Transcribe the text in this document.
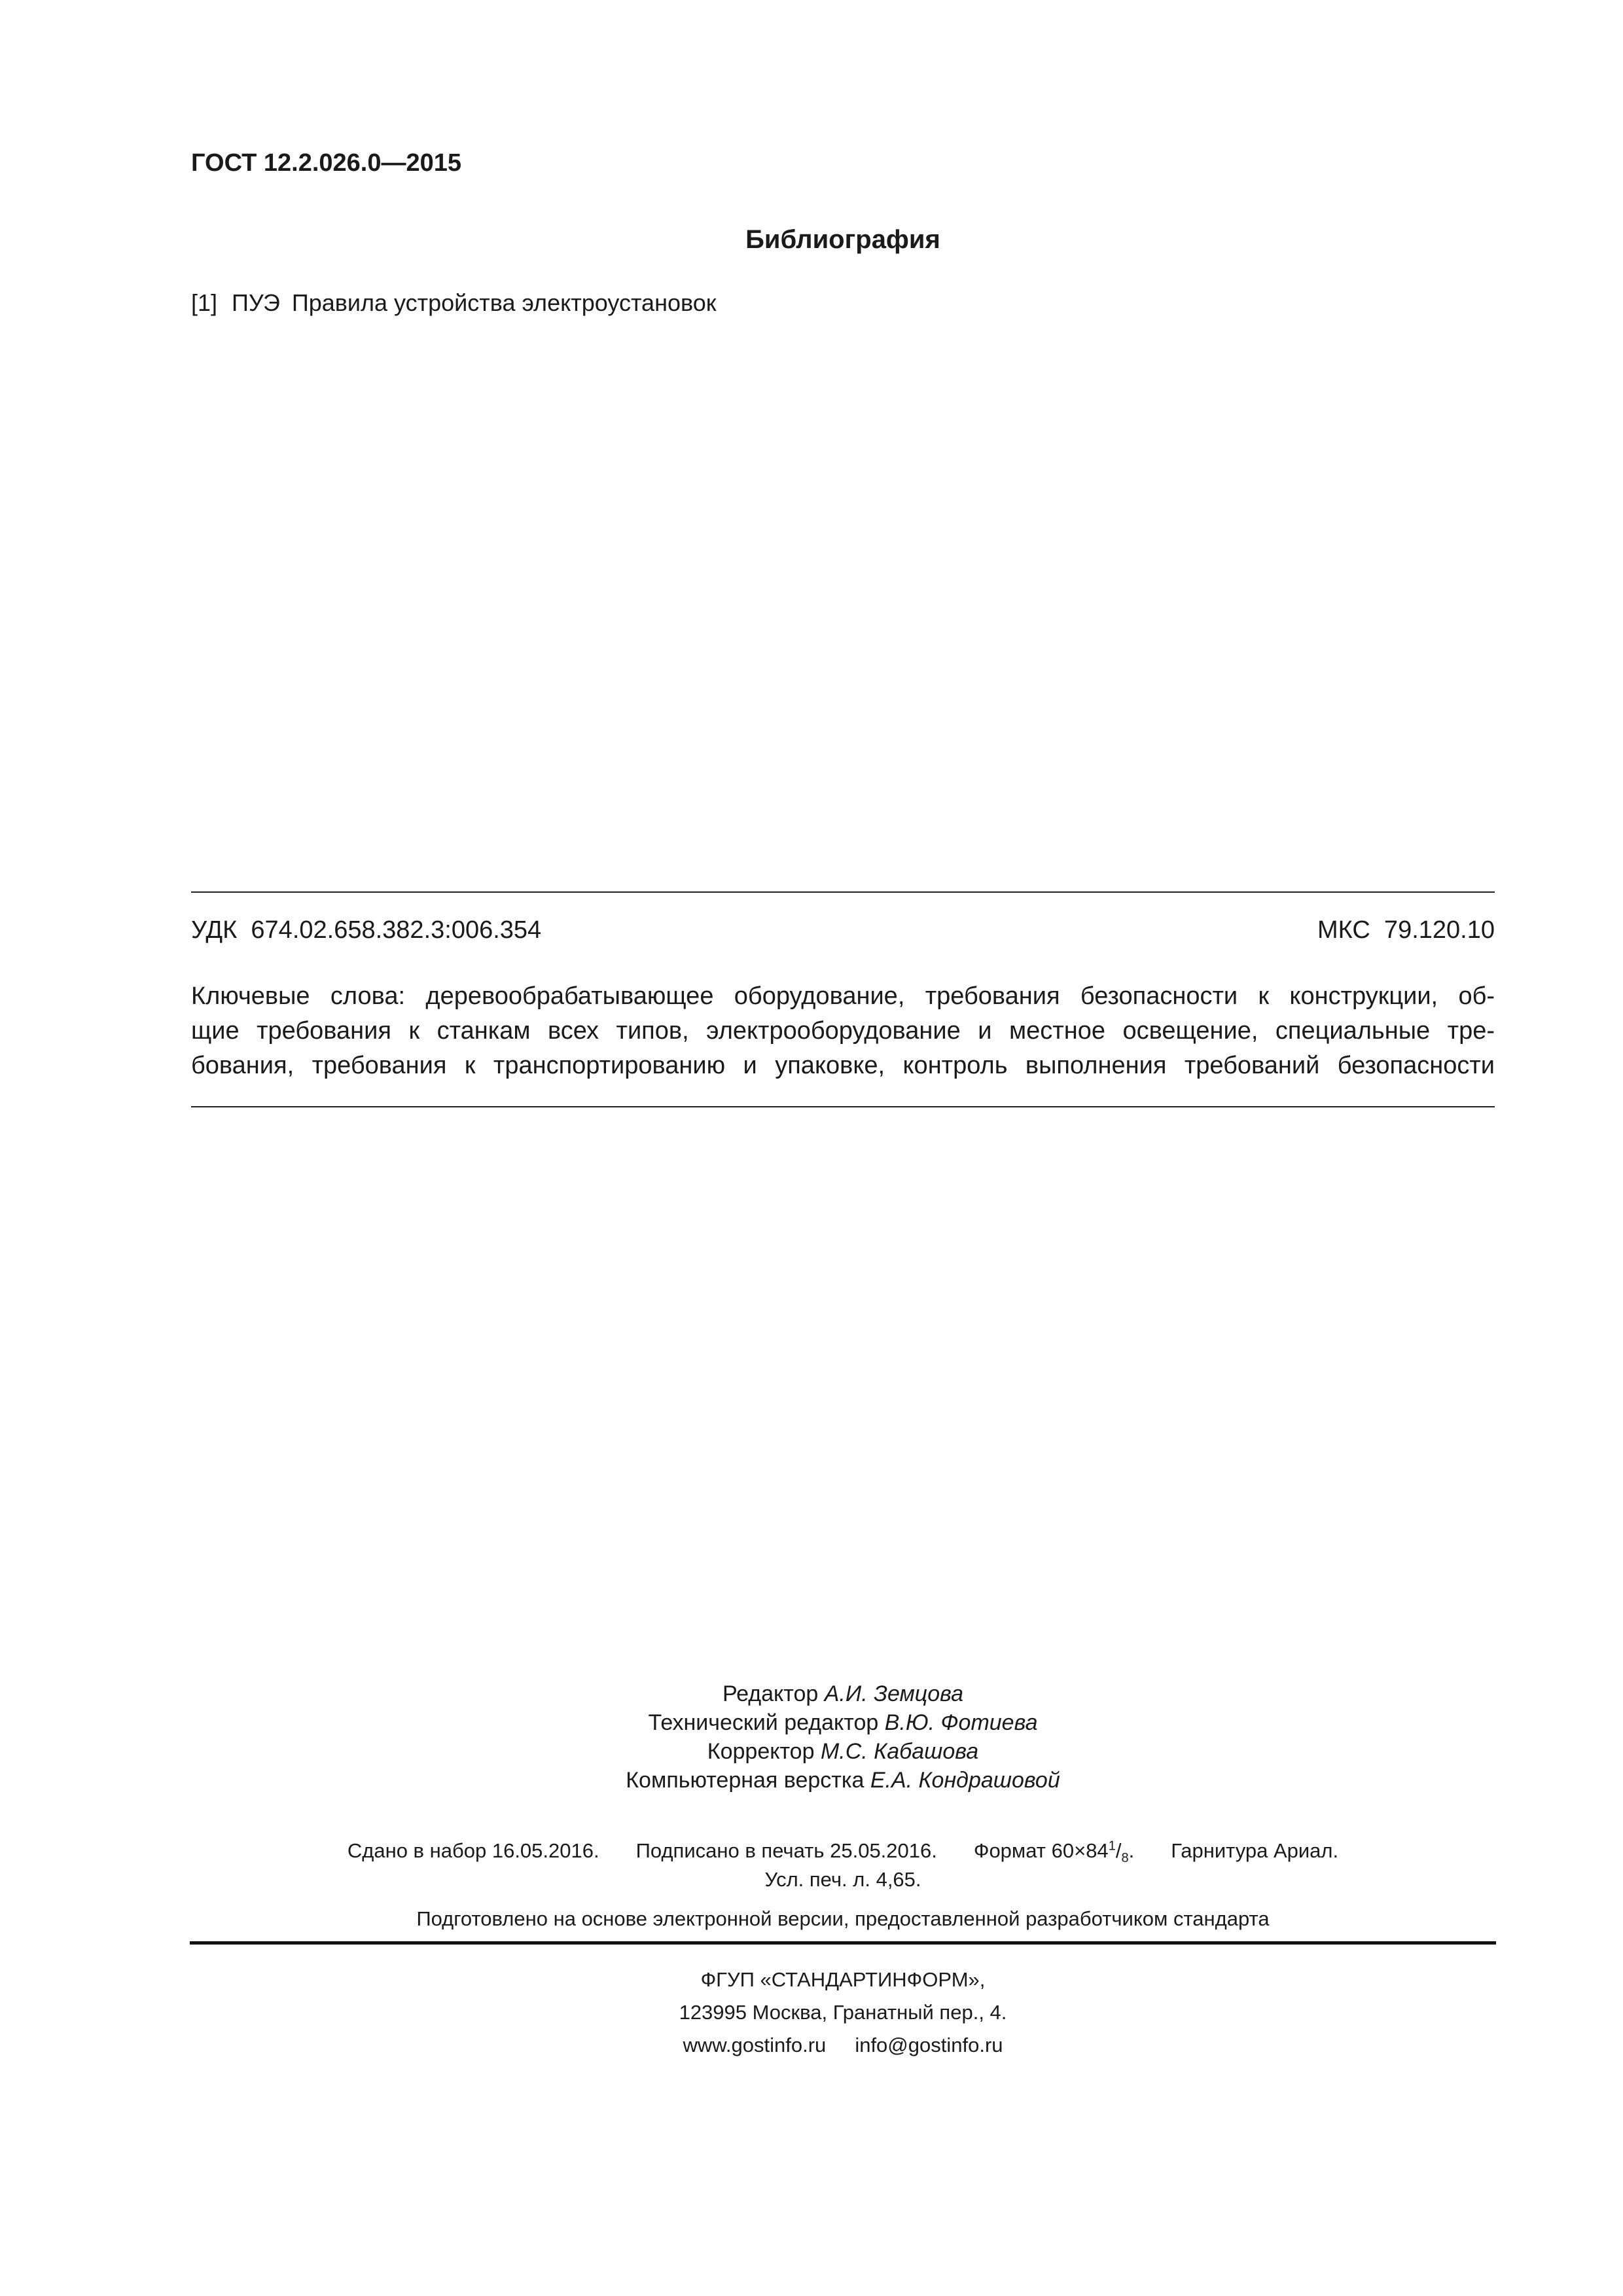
ГОСТ 12.2.026.0—2015
Библиография
[1] ПУЭ Правила устройства электроустановок
УДК  674.02.658.382.3:006.354	МКС  79.120.10
Ключевые слова: деревообрабатывающее оборудование, требования безопасности к конструкции, об-
щие требования к станкам всех типов, электрооборудование и местное освещение, специальные тре-
бования, требования к транспортированию и упаковке, контроль выполнения требований безопасности
Редактор А.И. Земцова
Технический редактор В.Ю. Фотиева
Корректор М.С. Кабашова
Компьютерная верстка Е.А. Кондрашовой
Сдано в набор 16.05.2016. Подписано в печать 25.05.2016. Формат $60\times 84^1/_8$. Гарнитура Ариал.
Усл. печ. л. 4,65.
Подготовлено на основе электронной версии, предоставленной разработчиком стандарта
ФГУП «СТАНДАРТИНФОРМ»,
123995 Москва, Гранатный пер., 4.
www.gostinfo.ru info@gostinfo.ru
